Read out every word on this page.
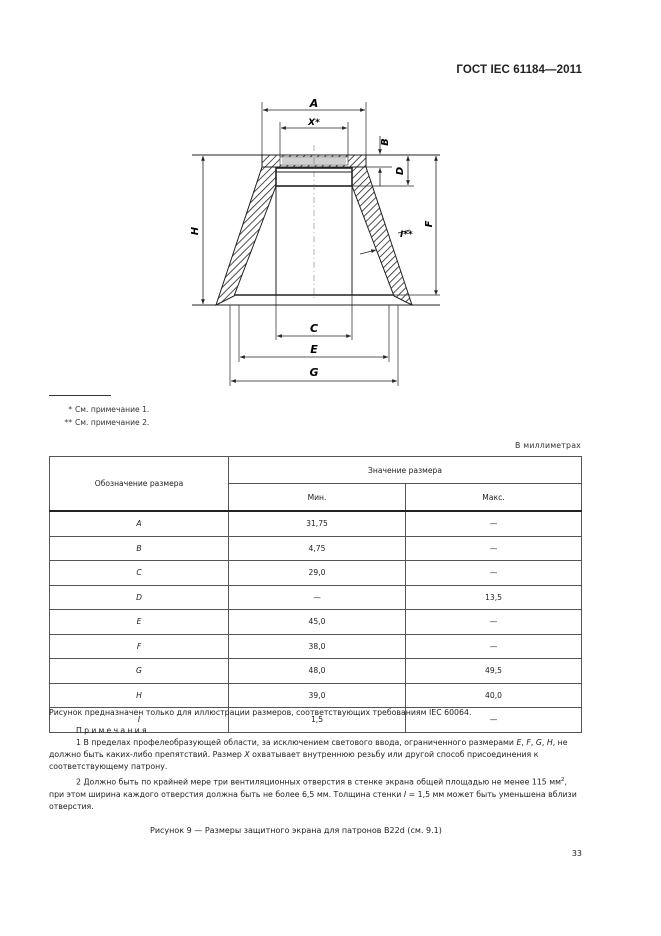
ГОСТ IEC 61184—2011
A
X*
B
D
F
H	I**
C
E
G
* См. примечание 1.
** См. примечание 2.
В миллиметрах
Обозначение размера	Значение размера	
	Мин.	Макс.
A	31,75	—
B	4,75	—
C	29,0	—
D	—	13,5
E	45,0	—
F	38,0	—
G	48,0	49,5
H	39,0	40,0
I	1,5	—
Рисунок предназначен только для иллюстрации размеров, соответствующих требованиям IEC 60064.
Примечания
1 В пределах профелеобразующей области, за исключением светового ввода, ограниченного размерами E, F, G, H, не должно быть каких-либо препятствий. Размер X охватывает внутреннюю резьбу или другой способ присоединения к соответствующему патрону.
2 Должно быть по крайней мере три вентиляционных отверстия в стенке экрана общей площадью не менее 115 $мм^2$, при этом ширина каждого отверстия должна быть не более 6,5 мм. Толщина стенки I = 1,5 мм может быть уменьшена вблизи отверстия.
Рисунок 9 — Размеры защитного экрана для патронов B22d (см. 9.1)
33
